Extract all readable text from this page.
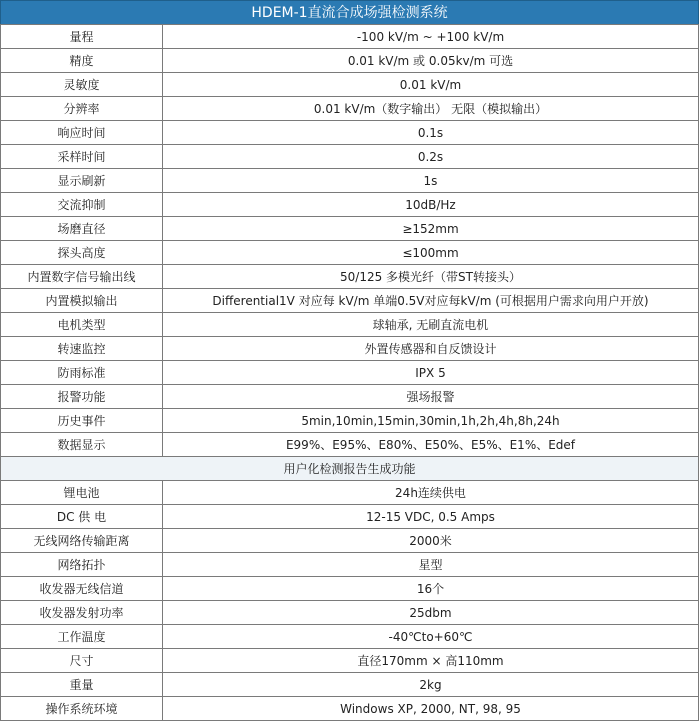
HDEM-1直流合成场强检测系统
量程	-100 kV/m ~ +100 kV/m
精度	0.01 kV/m 或 0.05kv/m 可选
灵敏度	0.01 kV/m
分辨率	0.01 kV/m（数字输出） 无限（模拟输出）
响应时间	0.1s
采样时间	0.2s
显示刷新	1s
交流抑制	10dB/Hz
场磨直径	≥152mm
探头高度	≤100mm
内置数字信号输出线	50/125 多模光纤（带ST转接头）
内置模拟输出	Differential1V 对应每 kV/m 单端0.5V对应每kV/m (可根据用户需求向用户开放)
电机类型	球轴承, 无刷直流电机
转速监控	外置传感器和自反馈设计
防雨标准	IPX 5
报警功能	强场报警
历史事件	5min,10min,15min,30min,1h,2h,4h,8h,24h
数据显示	E99%、E95%、E80%、E50%、E5%、E1%、Edef
用户化检测报告生成功能	
锂电池	24h连续供电
DC 供 电	12-15 VDC, 0.5 Amps
无线网络传输距离	2000米
网络拓扑	星型
收发器无线信道	16个
收发器发射功率	25dbm
工作温度	-40℃to+60℃
尺寸	直径170mm × 高110mm
重量	2kg
操作系统环境	Windows XP, 2000, NT, 98, 95
